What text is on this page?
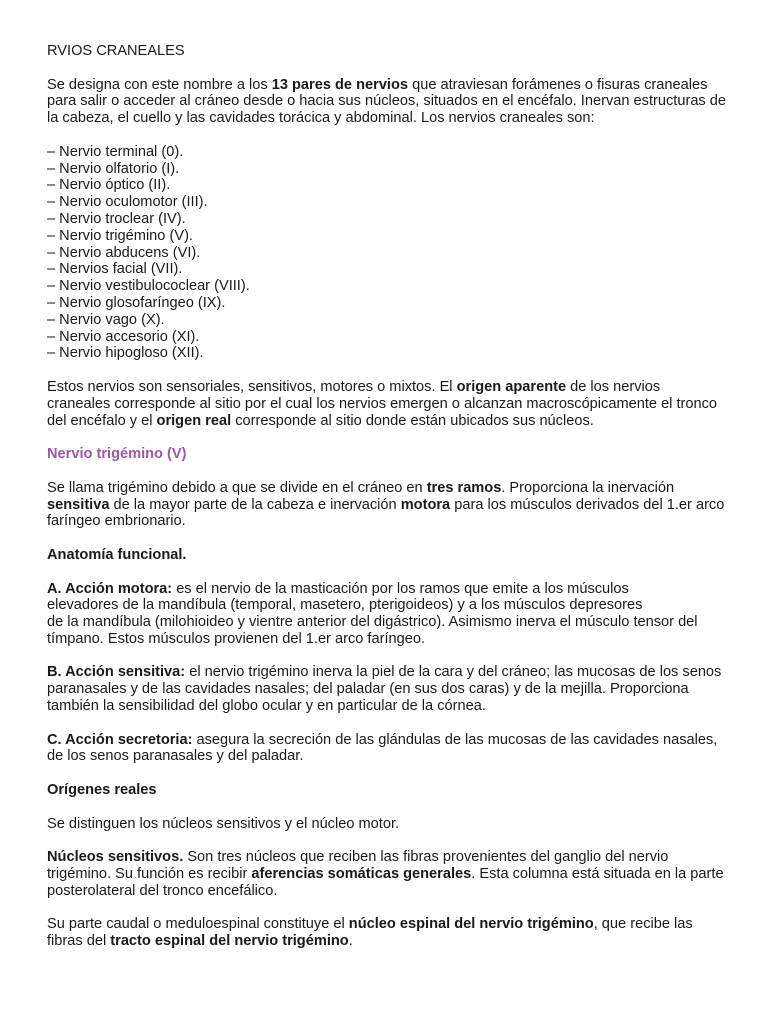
RVIOS CRANEALES

Se designa con este nombre a los 13 pares de nervios que atraviesan forámenes o fisuras craneales para salir o acceder al cráneo desde o hacia sus núcleos, situados en el encéfalo. Inervan estructuras de la cabeza, el cuello y las cavidades torácica y abdominal. Los nervios craneales son:

– Nervio terminal (0).
– Nervio olfatorio (I).
– Nervio óptico (II).
– Nervio oculomotor (III).
– Nervio troclear (IV).
– Nervio trigémino (V).
– Nervio abducens (VI).
– Nervios facial (VII).
– Nervio vestibulococlear (VIII).
– Nervio glosofaríngeo (IX).
– Nervio vago (X).
– Nervio accesorio (XI).
– Nervio hipogloso (XII).

Estos nervios son sensoriales, sensitivos, motores o mixtos. El origen aparente de los nervios craneales corresponde al sitio por el cual los nervios emergen o alcanzan macroscópicamente el tronco del encéfalo y el origen real corresponde al sitio donde están ubicados sus núcleos.

Nervio trigémino (V)

Se llama trigémino debido a que se divide en el cráneo en tres ramos. Proporciona la inervación sensitiva de la mayor parte de la cabeza e inervación motora para los músculos derivados del 1.er arco faríngeo embrionario.

Anatomía funcional.

A. Acción motora: es el nervio de la masticación por los ramos que emite a los músculos
elevadores de la mandíbula (temporal, masetero, pterigoideos) y a los músculos depresores
de la mandíbula (milohioideo y vientre anterior del digástrico). Asimismo inerva el músculo tensor del tímpano. Estos músculos provienen del 1.er arco faríngeo.

B. Acción sensitiva: el nervio trigémino inerva la piel de la cara y del cráneo; las mucosas de los senos paranasales y de las cavidades nasales; del paladar (en sus dos caras) y de la mejilla. Proporciona también la sensibilidad del globo ocular y en particular de la córnea.

C. Acción secretoria: asegura la secreción de las glándulas de las mucosas de las cavidades nasales, de los senos paranasales y del paladar.

Orígenes reales

Se distinguen los núcleos sensitivos y el núcleo motor.

Núcleos sensitivos. Son tres núcleos que reciben las fibras provenientes del ganglio del nervio trigémino. Su función es recibir aferencias somáticas generales. Esta columna está situada en la parte posterolateral del tronco encefálico.

Su parte caudal o meduloespinal constituye el núcleo espinal del nervio trigémino, que recibe las fibras del tracto espinal del nervio trigémino.
